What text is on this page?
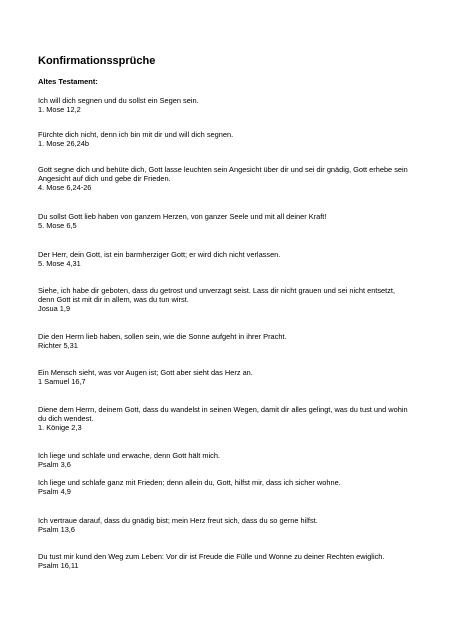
Konfirmationssprüche
Altes Testament:
Ich will dich segnen und du sollst ein Segen sein.
1. Mose 12,2
Fürchte dich nicht, denn ich bin mit dir und will dich segnen.
1. Mose 26,24b
Gott segne dich und behüte dich, Gott lasse leuchten sein Angesicht über dir und sei dir gnädig, Gott erhebe sein Angesicht auf dich und gebe dir Frieden.
4. Mose 6,24-26
Du sollst Gott lieb haben von ganzem Herzen, von ganzer Seele und mit all deiner Kraft!
5. Mose 6,5
Der Herr, dein Gott, ist ein barmherziger Gott; er wird dich nicht verlassen.
5. Mose 4,31
Siehe, ich habe dir geboten, dass du getrost und unverzagt seist. Lass dir nicht grauen und sei nicht entsetzt, denn Gott ist mit dir in allem, was du tun wirst.
Josua 1,9
Die den Herrn lieb haben, sollen sein, wie die Sonne aufgeht in ihrer Pracht.
Richter 5,31
Ein Mensch sieht, was vor Augen ist; Gott aber sieht das Herz an.
1 Samuel 16,7
Diene dem Herrn, deinem Gott, dass du wandelst in seinen Wegen, damit dir alles gelingt, was du tust und wohin du dich wendest.
1. Könige 2,3
Ich liege und schlafe und erwache, denn Gott hält mich.
Psalm 3,6
Ich liege und schlafe ganz mit Frieden; denn allein du, Gott, hilfst mir, dass ich sicher wohne.
Psalm 4,9
Ich vertraue darauf, dass du gnädig bist; mein Herz freut sich, dass du so gerne hilfst.
Psalm 13,6
Du tust mir kund den Weg zum Leben: Vor dir ist Freude die Fülle und Wonne zu deiner Rechten ewiglich.
Psalm 16,11
